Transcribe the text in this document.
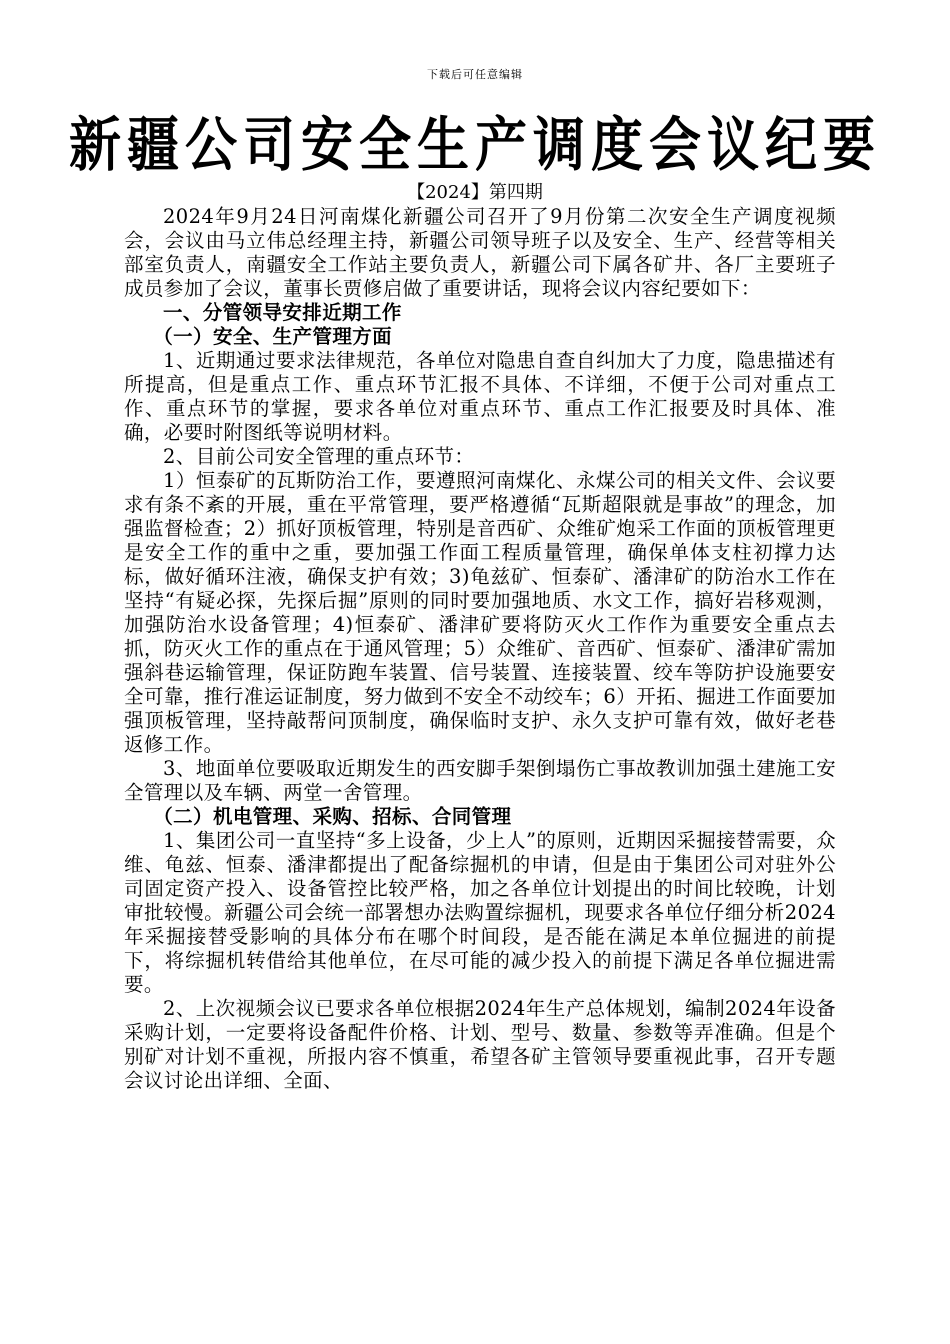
下载后可任意编辑
新疆公司安全生产调度会议纪要
【2024】第四期

2024年9月24日河南煤化新疆公司召开了9月份第二次安全生产调度视频会，会议由马立伟总经理主持，新疆公司领导班子以及安全、生产、经营等相关部室负责人，南疆安全工作站主要负责人，新疆公司下属各矿井、各厂主要班子成员参加了会议，董事长贾修启做了重要讲话，现将会议内容纪要如下：

一、分管领导安排近期工作

（一）安全、生产管理方面

1、近期通过要求法律规范，各单位对隐患自查自纠加大了力度，隐患描述有所提高，但是重点工作、重点环节汇报不具体、不详细，不便于公司对重点工作、重点环节的掌握，要求各单位对重点环节、重点工作汇报要及时具体、准确，必要时附图纸等说明材料。

2、目前公司安全管理的重点环节：

1）恒泰矿的瓦斯防治工作，要遵照河南煤化、永煤公司的相关文件、会议要求有条不紊的开展，重在平常管理，要严格遵循“瓦斯超限就是事故”的理念，加强监督检查；2）抓好顶板管理，特别是音西矿、众维矿炮采工作面的顶板管理更是安全工作的重中之重，要加强工作面工程质量管理，确保单体支柱初撑力达标，做好循环注液，确保支护有效；3)龟兹矿、恒泰矿、潘津矿的防治水工作在坚持“有疑必探，先探后掘”原则的同时要加强地质、水文工作，搞好岩移观测，加强防治水设备管理；4)恒泰矿、潘津矿要将防灭火工作作为重要安全重点去抓，防灭火工作的重点在于通风管理；5）众维矿、音西矿、恒泰矿、潘津矿需加强斜巷运输管理，保证防跑车装置、信号装置、连接装置、绞车等防护设施要安全可靠，推行准运证制度，努力做到不安全不动绞车；6）开拓、掘进工作面要加强顶板管理，坚持敲帮问顶制度，确保临时支护、永久支护可靠有效，做好老巷返修工作。

3、地面单位要吸取近期发生的西安脚手架倒塌伤亡事故教训加强土建施工安全管理以及车辆、两堂一舍管理。

（二）机电管理、采购、招标、合同管理

1、集团公司一直坚持“多上设备，少上人”的原则，近期因采掘接替需要，众维、龟兹、恒泰、潘津都提出了配备综掘机的申请，但是由于集团公司对驻外公司固定资产投入、设备管控比较严格，加之各单位计划提出的时间比较晚，计划审批较慢。新疆公司会统一部署想办法购置综掘机，现要求各单位仔细分析2024年采掘接替受影响的具体分布在哪个时间段，是否能在满足本单位掘进的前提下，将综掘机转借给其他单位，在尽可能的减少投入的前提下满足各单位掘进需要。

2、上次视频会议已要求各单位根据2024年生产总体规划，编制2024年设备采购计划，一定要将设备配件价格、计划、型号、数量、参数等弄准确。但是个别矿对计划不重视，所报内容不慎重，希望各矿主管领导要重视此事，召开专题会议讨论出详细、全面、
